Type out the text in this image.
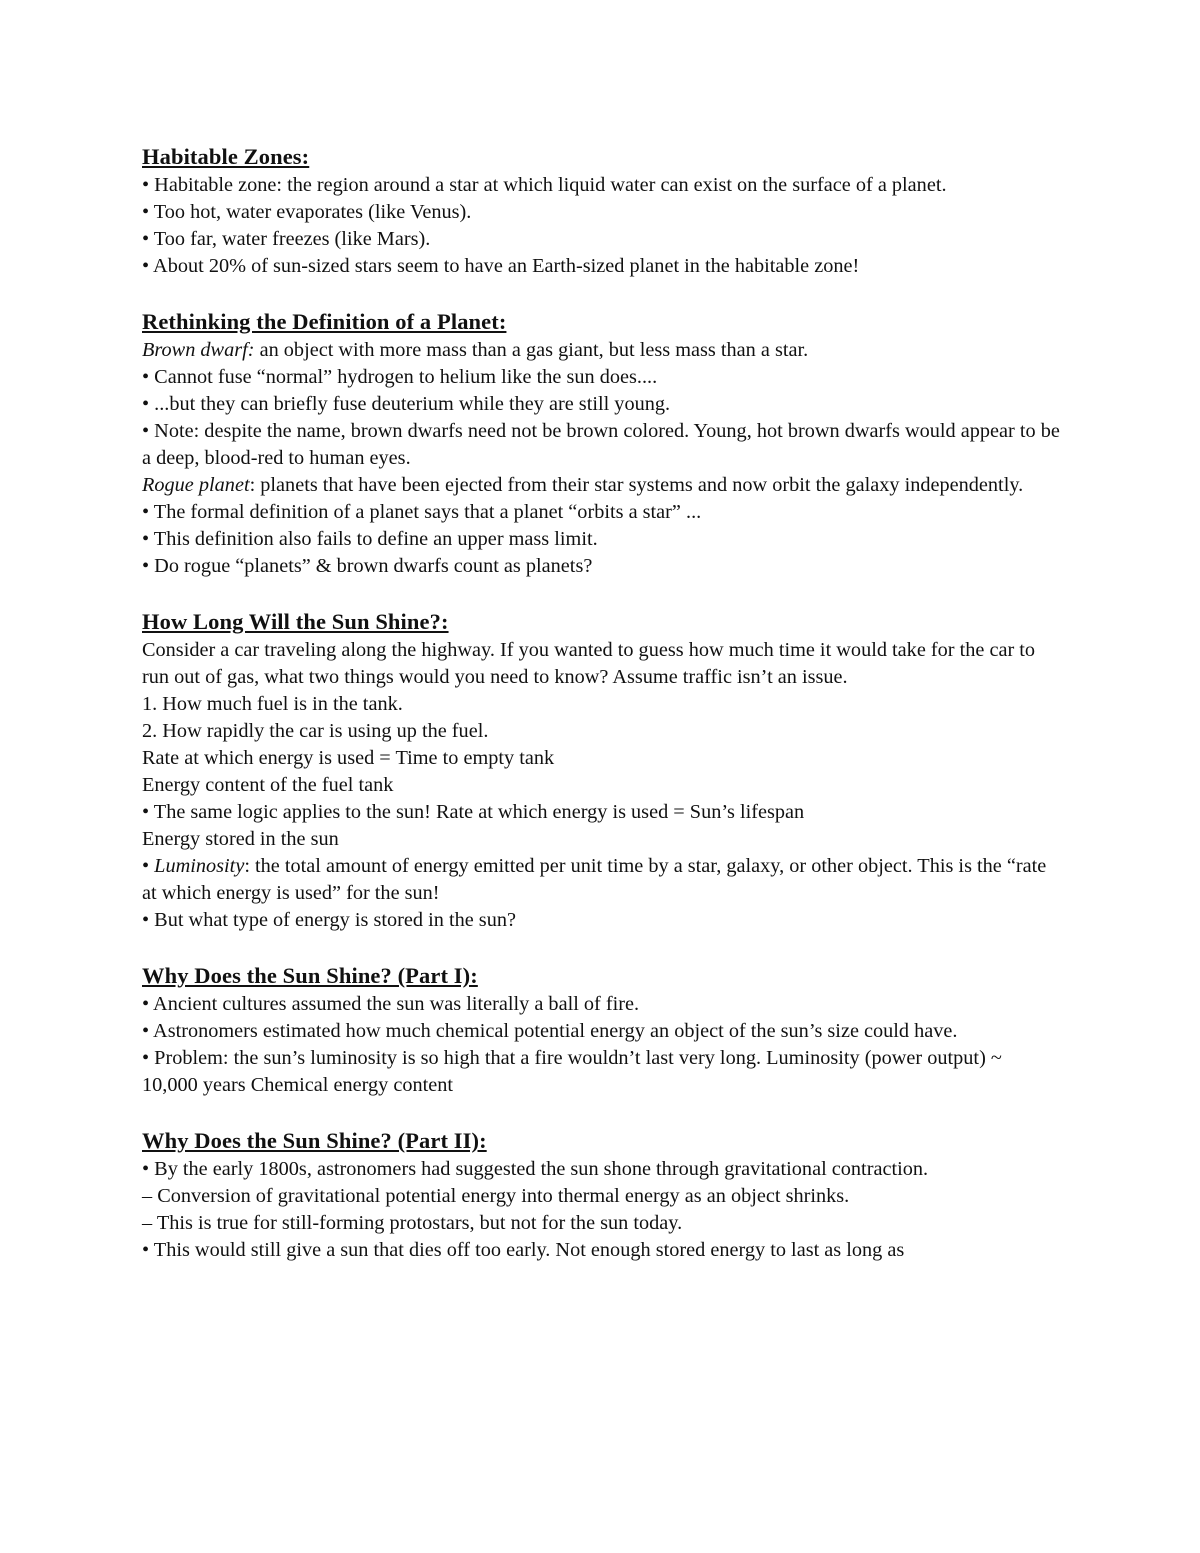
Habitable Zones:

• Habitable zone: the region around a star at which liquid water can exist on the surface of a planet.

• Too hot, water evaporates (like Venus).

• Too far, water freezes (like Mars).

• About 20% of sun-sized stars seem to have an Earth-sized planet in the habitable zone!

Rethinking the Definition of a Planet:

Brown dwarf: an object with more mass than a gas giant, but less mass than a star.

• Cannot fuse “normal” hydrogen to helium like the sun does....

• ...but they can briefly fuse deuterium while they are still young.

• Note: despite the name, brown dwarfs need not be brown colored. Young, hot brown dwarfs would appear to be a deep, blood-red to human eyes.

Rogue planet: planets that have been ejected from their star systems and now orbit the galaxy independently.

• The formal definition of a planet says that a planet “orbits a star” ...

• This definition also fails to define an upper mass limit.

• Do rogue “planets” & brown dwarfs count as planets?

How Long Will the Sun Shine?:

Consider a car traveling along the highway. If you wanted to guess how much time it would take for the car to run out of gas, what two things would you need to know? Assume traffic isn’t an issue.

1. How much fuel is in the tank.

2. How rapidly the car is using up the fuel.

Rate at which energy is used = Time to empty tank

Energy content of the fuel tank

• The same logic applies to the sun! Rate at which energy is used = Sun’s lifespan

Energy stored in the sun

• Luminosity: the total amount of energy emitted per unit time by a star, galaxy, or other object. This is the “rate at which energy is used” for the sun!

• But what type of energy is stored in the sun?

Why Does the Sun Shine? (Part I):

• Ancient cultures assumed the sun was literally a ball of fire.

• Astronomers estimated how much chemical potential energy an object of the sun’s size could have.

• Problem: the sun’s luminosity is so high that a fire wouldn’t last very long. Luminosity (power output) ~ 10,000 years Chemical energy content

Why Does the Sun Shine? (Part II):

• By the early 1800s, astronomers had suggested the sun shone through gravitational contraction.

– Conversion of gravitational potential energy into thermal energy as an object shrinks.

– This is true for still-forming protostars, but not for the sun today.

• This would still give a sun that dies off too early. Not enough stored energy to last as long as
